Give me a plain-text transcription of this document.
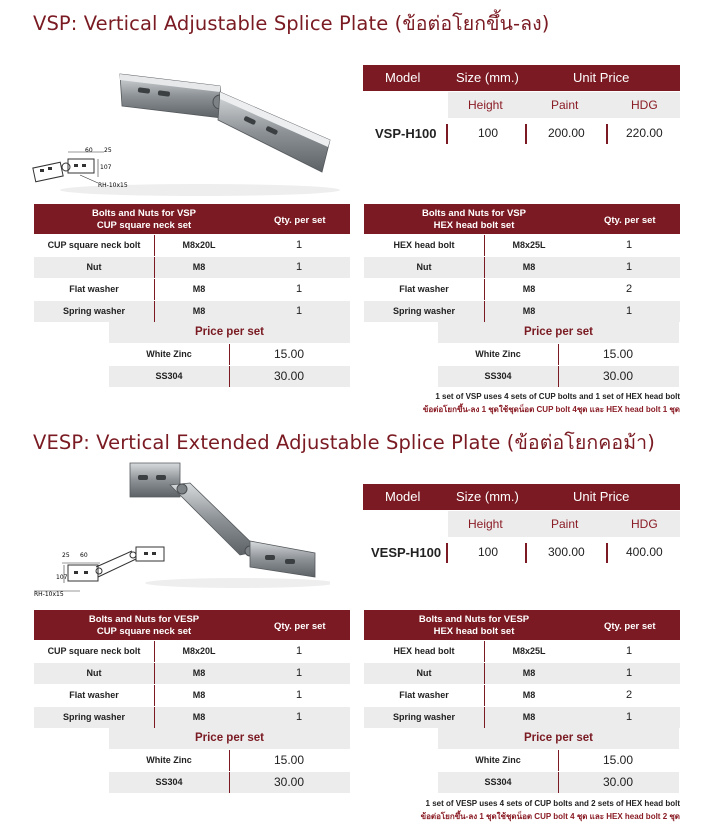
VSP: Vertical Adjustable Splice Plate (ข้อต่อโยกขึ้น-ลง)
60 25
107
RH-10x15
Model	Size (mm.)	Unit Price
Height	Paint	HDG
VSP-H100	100	200.00	220.00
Bolts and Nuts for VSP
CUP square neck set	Qty. per set
CUP square neck bolt	M8x20L	1
Nut	M8	1
Flat washer	M8	1
Spring washer	M8	1
Price per set
White Zinc	15.00
SS304	30.00
Bolts and Nuts for VSP
HEX head bolt set	Qty. per set
HEX head bolt	M8x25L	1
Nut	M8	1
Flat washer	M8	2
Spring washer	M8	1
Price per set
White Zinc	15.00
SS304	30.00
1 set of VSP uses 4 sets of CUP bolts and 1 set of HEX head bolt
ข้อต่อโยกขึ้น-ลง 1 ชุดใช้ชุดน็อต CUP bolt 4ชุด และ HEX head bolt 1 ชุด
VESP: Vertical Extended Adjustable Splice Plate (ข้อต่อโยกคอม้า)
25 60
107
RH-10x15
Model	Size (mm.)	Unit Price
Height	Paint	HDG
VESP-H100	100	300.00	400.00
Bolts and Nuts for VESP
CUP square neck set	Qty. per set
CUP square neck bolt	M8x20L	1
Nut	M8	1
Flat washer	M8	1
Spring washer	M8	1
Price per set
White Zinc	15.00
SS304	30.00
Bolts and Nuts for VESP
HEX head bolt set	Qty. per set
HEX head bolt	M8x25L	1
Nut	M8	1
Flat washer	M8	2
Spring washer	M8	1
Price per set
White Zinc	15.00
SS304	30.00
1 set of VESP uses 4 sets of CUP bolts and 2 sets of HEX head bolt
ข้อต่อโยกขึ้น-ลง 1 ชุดใช้ชุดน็อต CUP bolt 4 ชุด และ HEX head bolt 2 ชุด
